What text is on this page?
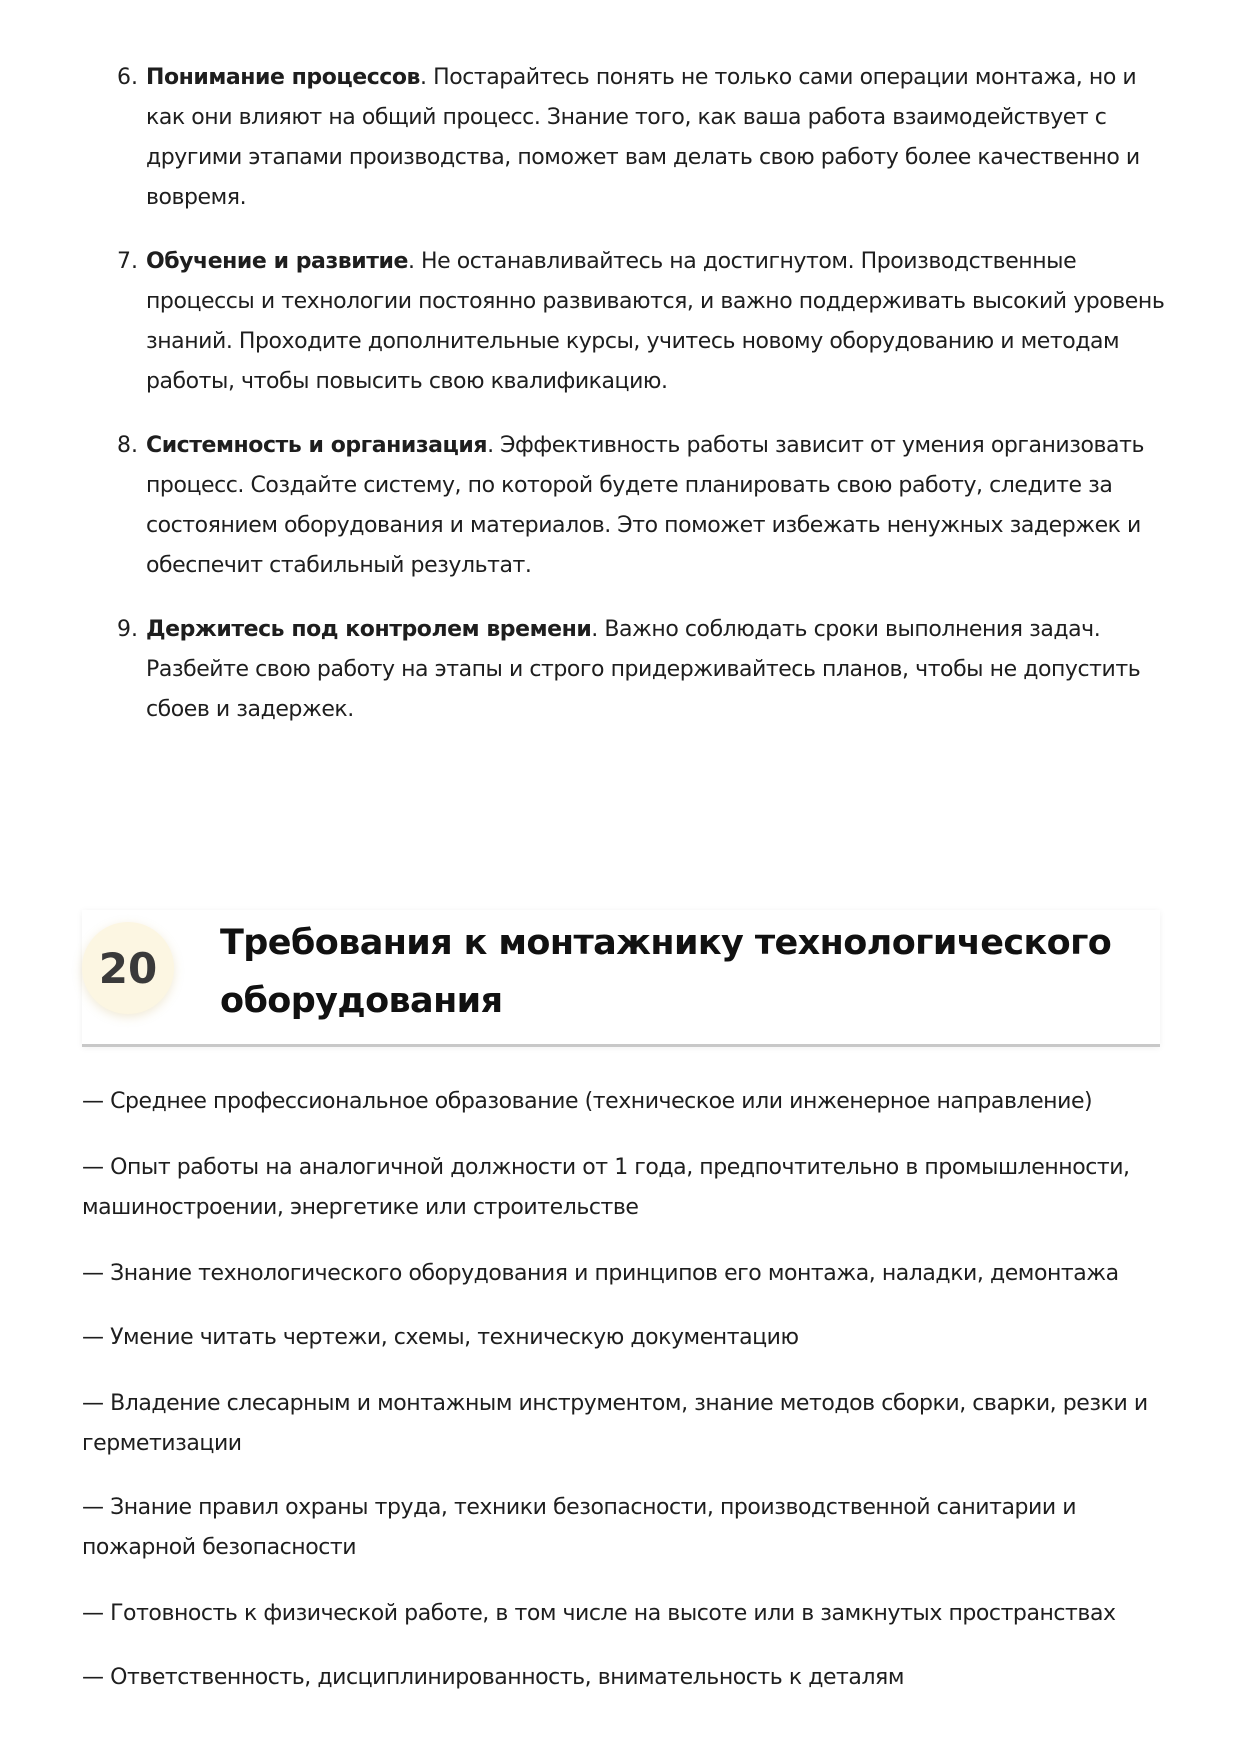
6. Понимание процессов. Постарайтесь понять не только сами операции монтажа, но и как они влияют на общий процесс. Знание того, как ваша работа взаимодействует с другими этапами производства, поможет вам делать свою работу более качественно и вовремя.
7. Обучение и развитие. Не останавливайтесь на достигнутом. Производственные процессы и технологии постоянно развиваются, и важно поддерживать высокий уровень знаний. Проходите дополнительные курсы, учитесь новому оборудованию и методам работы, чтобы повысить свою квалификацию.
8. Системность и организация. Эффективность работы зависит от умения организовать процесс. Создайте систему, по которой будете планировать свою работу, следите за состоянием оборудования и материалов. Это поможет избежать ненужных задержек и обеспечит стабильный результат.
9. Держитесь под контролем времени. Важно соблюдать сроки выполнения задач. Разбейте свою работу на этапы и строго придерживайтесь планов, чтобы не допустить сбоев и задержек.
20
Требования к монтажнику технологического оборудования
— Среднее профессиональное образование (техническое или инженерное направление)
— Опыт работы на аналогичной должности от 1 года, предпочтительно в промышленности, машиностроении, энергетике или строительстве
— Знание технологического оборудования и принципов его монтажа, наладки, демонтажа
— Умение читать чертежи, схемы, техническую документацию
— Владение слесарным и монтажным инструментом, знание методов сборки, сварки, резки и герметизации
— Знание правил охраны труда, техники безопасности, производственной санитарии и пожарной безопасности
— Готовность к физической работе, в том числе на высоте или в замкнутых пространствах
— Ответственность, дисциплинированность, внимательность к деталям
